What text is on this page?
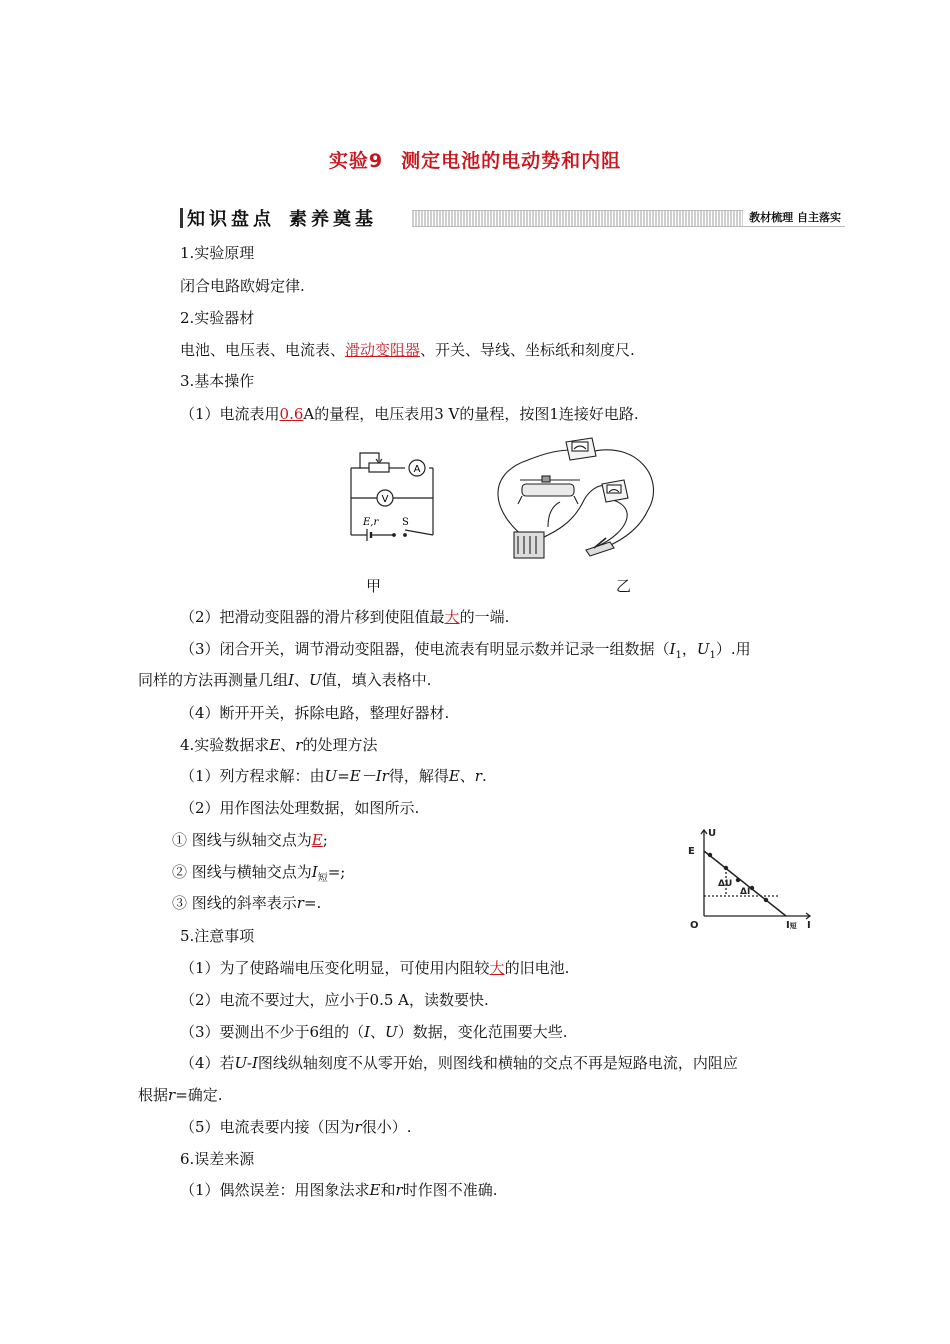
实验9 测定电池的电动势和内阻
知识盘点 素养奠基	教材梳理 自主落实
1.实验原理
闭合电路欧姆定律.
2.实验器材
电池、电压表、电流表、滑动变阻器、开关、导线、坐标纸和刻度尺.
3.基本操作
（1）电流表用0.6A的量程，电压表用3 V的量程，按图1连接好电路.
A
V
E,r S
甲	乙
（2）把滑动变阻器的滑片移到使阻值最大的一端.
（3）闭合开关，调节滑动变阻器，使电流表有明显示数并记录一组数据（$I_1$，$U_1$）.用
同样的方法再测量几组I、U值，填入表格中.
（4）断开开关，拆除电路，整理好器材.
4.实验数据求E、r的处理方法
（1）列方程求解：由U=E－Ir得，解得E、r.
（2）用作图法处理数据，如图所示.
① 图线与纵轴交点为E;
② 图线与横轴交点为$I_短=$;
③ 图线的斜率表示r=.
U
I
O
E
I短
ΔU
ΔI
5.注意事项
（1）为了使路端电压变化明显，可使用内阻较大的旧电池.
（2）电流不要过大，应小于0.5 A，读数要快.
（3）要测出不少于6组的（I、U）数据，变化范围要大些.
（4）若U-I图线纵轴刻度不从零开始，则图线和横轴的交点不再是短路电流，内阻应
根据r=确定.
（5）电流表要内接（因为r很小）.
6.误差来源
（1）偶然误差：用图象法求E和r时作图不准确.
